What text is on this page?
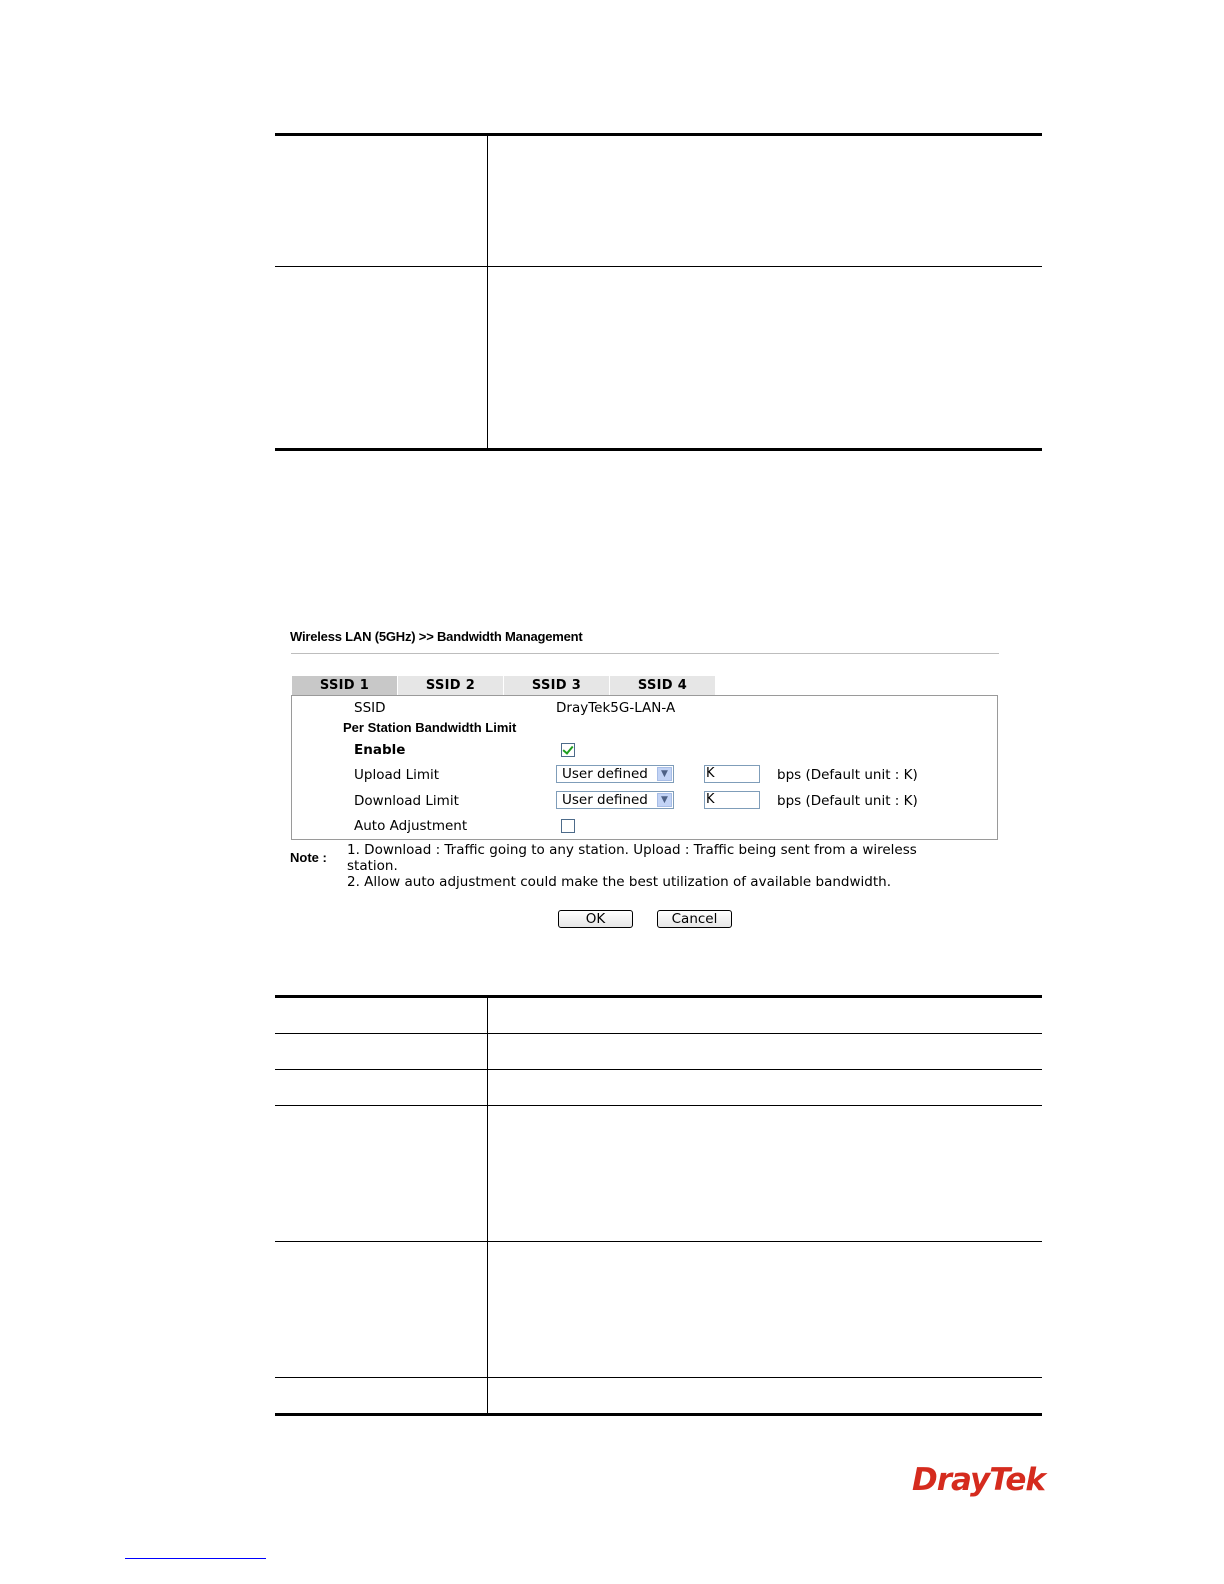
Wireless LAN (5GHz) >> Bandwidth Management
SSID 1	SSID 2	SSID 3	SSID 4
SSID	DrayTek5G-LAN-A
Per Station Bandwidth Limit
Enable
Upload Limit	User defined	▼	K	bps (Default unit : K)
Download Limit	User defined	▼	K	bps (Default unit : K)
Auto Adjustment
Note : 1. Download : Traffic going to any station. Upload : Traffic being sent from a wireless
station.
2. Allow auto adjustment could make the best utilization of available bandwidth.
OK	Cancel
DrayTek
